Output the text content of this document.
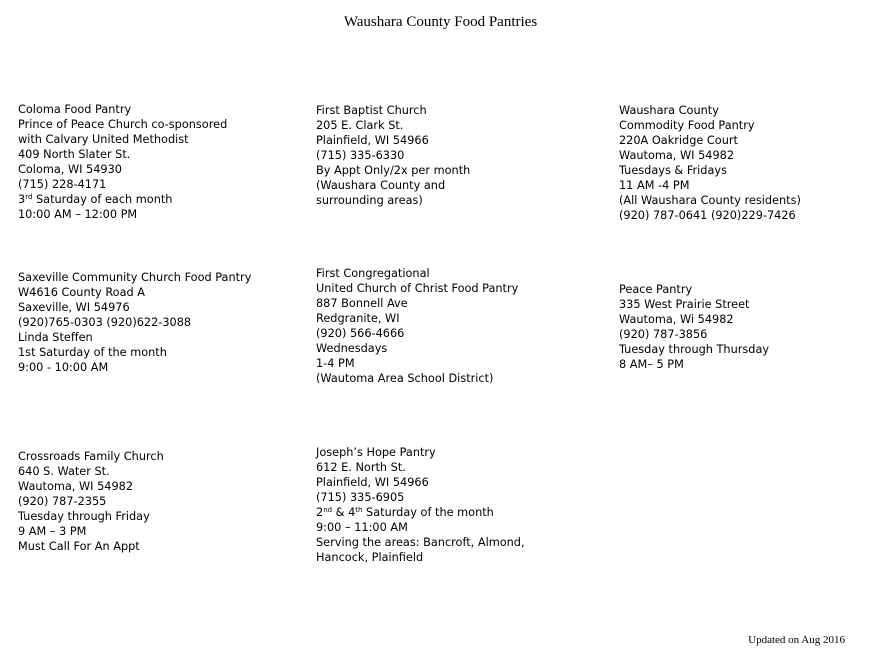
Waushara County Food Pantries
Coloma Food Pantry
Prince of Peace Church co-sponsored
with Calvary United Methodist
409 North Slater St.
Coloma, WI 54930
(715) 228-4171
3rd Saturday of each month
10:00 AM – 12:00 PM
First Baptist Church
205 E. Clark St.
Plainfield, WI 54966
(715) 335-6330
By Appt Only/2x per month
(Waushara County and
surrounding areas)
Waushara County
Commodity Food Pantry
220A Oakridge Court
Wautoma, WI 54982
Tuesdays & Fridays
11 AM -4 PM
(All Waushara County residents)
(920) 787-0641 (920)229-7426
Saxeville Community Church Food Pantry
W4616 County Road A
Saxeville, WI 54976
(920)765-0303 (920)622-3088
Linda Steffen
1st Saturday of the month
9:00 - 10:00 AM
First Congregational
United Church of Christ Food Pantry
887 Bonnell Ave
Redgranite, WI
(920) 566-4666
Wednesdays
1-4 PM
(Wautoma Area School District)
Peace Pantry
335 West Prairie Street
Wautoma, Wi 54982
(920) 787-3856
Tuesday through Thursday
8 AM– 5 PM
Crossroads Family Church
640 S. Water St.
Wautoma, WI 54982
(920) 787-2355
Tuesday through Friday
9 AM – 3 PM
Must Call For An Appt
Joseph’s Hope Pantry
612 E. North St.
Plainfield, WI 54966
(715) 335-6905
2nd & 4th Saturday of the month
9:00 – 11:00 AM
Serving the areas: Bancroft, Almond,
Hancock, Plainfield
Updated on Aug 2016
